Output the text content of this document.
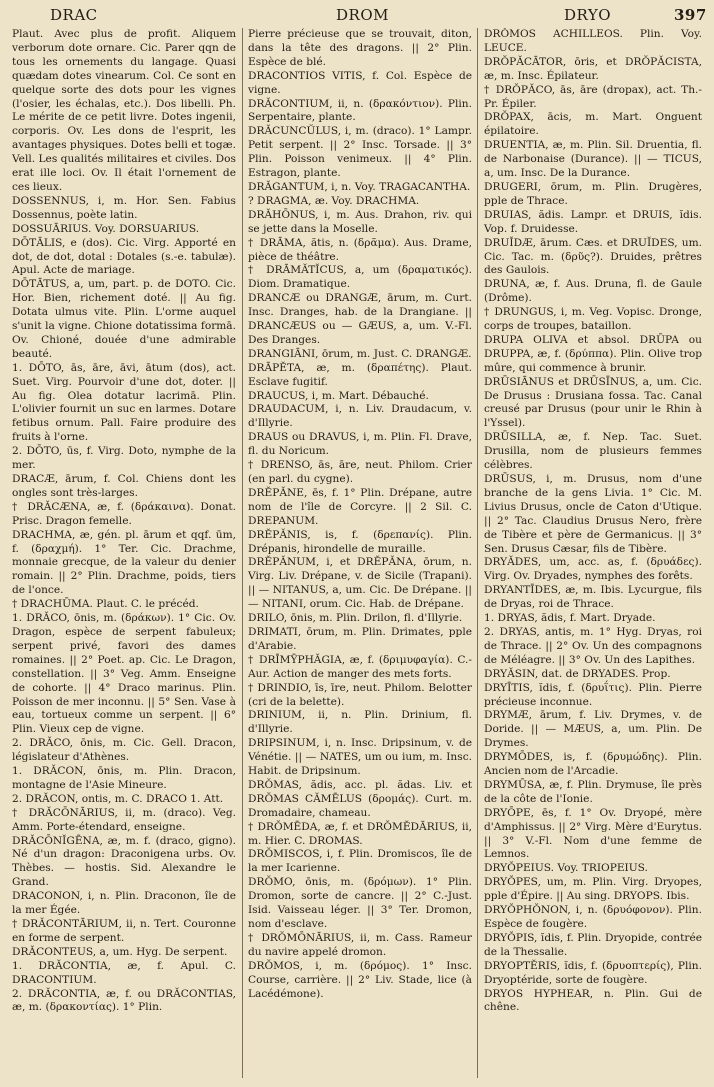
DRAC	DROM	DRYO	397

Plaut. Avec plus de profit. Aliquem verborum dote ornare. Cic. Parer qqn de tous les ornements du langage. Quasi quædam dotes vinearum. Col. Ce sont en quelque sorte des dots pour les vignes (l'osier, les échalas, etc.). Dos libelli. Ph. Le mérite de ce petit livre. Dotes ingenii, corporis. Ov. Les dons de l'esprit, les avantages physiques. Dotes belli et togæ. Vell. Les qualités militaires et civiles. Dos erat ille loci. Ov. Il était l'ornement de ces lieux.

DOSSENNUS, i, m. Hor. Sen. Fabius Dossennus, poète latin.

DOSSUĀRIUS. Voy. DORSUARIUS.

DŌTĀLIS, e (dos). Cic. Virg. Apporté en dot, de dot, dotal : Dotales (s.-e. tabulæ). Apul. Acte de mariage.

DŌTĀTUS, a, um, part. p. de DOTO. Cic. Hor. Bien, richement doté. || Au fig. Dotata ulmus vite. Plin. L'orme auquel s'unit la vigne. Chione dotatissima formā. Ov. Chioné, douée d'une admirable beauté.

1. DŌTO, ās, āre, āvi, ātum (dos), act. Suet. Virg. Pourvoir d'une dot, doter. || Au fig. Olea dotatur lacrimā. Plin. L'olivier fournit un suc en larmes. Dotare fetibus ornum. Pall. Faire produire des fruits à l'orne.

2. DŌTO, ūs, f. Virg. Doto, nymphe de la mer.

DRACÆ, ārum, f. Col. Chiens dont les ongles sont très-larges.

† DRĂCÆNA, æ, f. (δράκαινα). Donat. Prisc. Dragon femelle.

DRACHMA, æ, gén. pl. ārum et qqf. ūm, f. (δραχμή). 1° Ter. Cic. Drachme, monnaie grecque, de la valeur du denier romain. || 2° Plin. Drachme, poids, tiers de l'once.

† DRACHŪMA. Plaut. C. le précéd.

1. DRĂCO, ōnis, m. (δράκων). 1° Cic. Ov. Dragon, espèce de serpent fabuleux; serpent privé, favori des dames romaines. || 2° Poet. ap. Cic. Le Dragon, constellation. || 3° Veg. Amm. Enseigne de cohorte. || 4° Draco marinus. Plin. Poisson de mer inconnu. || 5° Sen. Vase à eau, tortueux comme un serpent. || 6° Plin. Vieux cep de vigne.

2. DRĂCO, ōnis, m. Cic. Gell. Dracon, législateur d'Athènes.

1. DRĂCON, ōnis, m. Plin. Dracon, montagne de l'Asie Mineure.

2. DRĂCON, ontis, m. C. DRACO 1. Att.

† DRĂCŌNĀRIUS, ii, m. (draco). Veg. Amm. Porte-étendard, enseigne.

DRĂCŌNĬGĒNA, æ, m. f. (draco, gigno). Né d'un dragon: Draconigena urbs. Ov. Thèbes. — hostis. Sid. Alexandre le Grand.

DRACONON, i, n. Plin. Draconon, île de la mer Égée.

† DRĂCONTĀRIUM, ii, n. Tert. Couronne en forme de serpent.

DRĂCONTEUS, a, um. Hyg. De serpent.

1. DRĂCONTIA, æ, f. Apul. C. DRACONTIUM.

2. DRĂCONTIA, æ, f. ou DRĂCONTIAS, æ, m. (δρακοντίας). 1° Plin.

Pierre précieuse que se trouvait, diton, dans la tête des dragons. || 2° Plin. Espèce de blé.

DRACONTIOS VITIS, f. Col. Espèce de vigne.

DRĂCONTIUM, ii, n. (δρακόντιον). Plin. Serpentaire, plante.

DRĂCUNCŬLUS, i, m. (draco). 1° Lampr. Petit serpent. || 2° Insc. Torsade. || 3° Plin. Poisson venimeux. || 4° Plin. Estragon, plante.

DRĂGANTUM, i, n. Voy. TRAGACANTHA.

? DRAGMA, æ. Voy. DRACHMA.

DRĂHŌNUS, i, m. Aus. Drahon, riv. qui se jette dans la Moselle.

† DRĀMA, ătis, n. (δρᾶμα). Aus. Drame, pièce de théâtre.

† DRĀMĂTĬCUS, a, um (δραματικός). Diom. Dramatique.

DRANCÆ ou DRANGÆ, ārum, m. Curt. Insc. Dranges, hab. de la Drangiane. || DRANCÆUS ou — GÆUS, a, um. V.-Fl. Des Dranges.

DRANGIĀNI, ōrum, m. Just. C. DRANGÆ.

DRĀPĔTA, æ, m. (δραπέτης). Plaut. Esclave fugitif.

DRAUCUS, i, m. Mart. Débauché.

DRAUDACUM, i, n. Liv. Draudacum, v. d'Illyrie.

DRAUS ou DRAVUS, i, m. Plin. Fl. Drave, fl. du Noricum.

† DRENSO, ās, āre, neut. Philom. Crier (en parl. du cygne).

DRĔPĂNE, ēs, f. 1° Plin. Drépane, autre nom de l'île de Corcyre. || 2 Sil. C. DREPANUM.

DRĔPĂNIS, is, f. (δρεπανίς). Plin. Drépanis, hirondelle de muraille.

DRĔPĂNUM, i, et DRĔPĂNA, ōrum, n. Virg. Liv. Drépane, v. de Sicile (Trapani). || — NITANUS, a, um. Cic. De Drépane. || — NITANI, orum. Cic. Hab. de Drépane.

DRILO, ōnis, m. Plin. Drilon, fl. d'Illyrie.

DRIMATI, ōrum, m. Plin. Drimates, pple d'Arabie.

† DRĪMȲPHĂGIA, æ, f. (δριμυφαγία). C.-Aur. Action de manger des mets forts.

† DRINDIO, īs, īre, neut. Philom. Belotter (cri de la belette).

DRINIUM, ii, n. Plin. Drinium, fl. d'Illyrie.

DRIPSINUM, i, n. Insc. Dripsinum, v. de Vénétie. || — NATES, um ou ium, m. Insc. Habit. de Dripsinum.

DRŎMAS, ădis, acc. pl. ădas. Liv. et DRŎMAS CĂMĒLUS (δρομάς). Curt. m. Dromadaire, chameau.

† DRŎMĒDA, æ, f. et DRŎMĔDĀRIUS, ii, m. Hier. C. DROMAS.

DRŎMISCOS, i, f. Plin. Dromiscos, île de la mer Icarienne.

DRŎMO, ōnis, m. (δρόμων). 1° Plin. Dromon, sorte de cancre. || 2° C.-Just. Isid. Vaisseau léger. || 3° Ter. Dromon, nom d'esclave.

† DRŎMŌNĀRIUS, ii, m. Cass. Rameur du navire appelé dromon.

DRŎMOS, i, m. (δρόμος). 1° Insc. Course, carrière. || 2° Liv. Stade, lice (à Lacédémone).

DRŎMOS ACHILLEOS. Plin. Voy. LEUCE.

DRŎPĂCĀTOR, ōris, et DRŎPĂCISTA, æ, m. Insc. Épilateur.

† DRŎPĂCO, ās, āre (dropax), act. Th.-Pr. Épiler.

DRŎPAX, ācis, m. Mart. Onguent épilatoire.

DRUENTIA, æ, m. Plin. Sil. Druentia, fl. de Narbonaise (Durance). || — TICUS, a, um. Insc. De la Durance.

DRUGERI, ōrum, m. Plin. Drugères, pple de Thrace.

DRUIAS, ădis. Lampr. et DRUIS, ĭdis. Vop. f. Druidesse.

DRUĬDÆ, ārum. Cæs. et DRUĬDES, um. Cic. Tac. m. (δρῦς?). Druides, prêtres des Gaulois.

DRUNA, æ, f. Aus. Druna, fl. de Gaule (Drôme).

† DRUNGUS, i, m. Veg. Vopisc. Dronge, corps de troupes, bataillon.

DRUPA OLIVA et absol. DRŪPA ou DRUPPA, æ, f. (δρύππα). Plin. Olive trop mûre, qui commence à brunir.

DRŪSIĀNUS et DRŪSĪNUS, a, um. Cic. De Drusus : Drusiana fossa. Tac. Canal creusé par Drusus (pour unir le Rhin à l'Yssel).

DRŪSILLA, æ, f. Nep. Tac. Suet. Drusilla, nom de plusieurs femmes célèbres.

DRŪSUS, i, m. Drusus, nom d'une branche de la gens Livia. 1° Cic. M. Livius Drusus, oncle de Caton d'Utique. || 2° Tac. Claudius Drusus Nero, frère de Tibère et père de Germanicus. || 3° Sen. Drusus Cæsar, fils de Tibère.

DRYĂDES, um, acc. as, f. (δρυάδες). Virg. Ov. Dryades, nymphes des forêts.

DRYANTĪDES, æ, m. Ibis. Lycurgue, fils de Dryas, roi de Thrace.

1. DRYAS, ădis, f. Mart. Dryade.

2. DRYAS, antis, m. 1° Hyg. Dryas, roi de Thrace. || 2° Ov. Un des compagnons de Méléagre. || 3° Ov. Un des Lapithes.

DRYĂSIN, dat. de DRYADES. Prop.

DRYĪTIS, ĭdis, f. (δρυΐτις). Plin. Pierre précieuse inconnue.

DRYMÆ, ārum, f. Liv. Drymes, v. de Doride. || — MÆUS, a, um. Plin. De Drymes.

DRYMŌDES, is, f. (δρυμώδης). Plin. Ancien nom de l'Arcadie.

DRYMŪSA, æ, f. Plin. Drymuse, île près de la côte de l'Ionie.

DRYŌPE, ēs, f. 1° Ov. Dryopé, mère d'Amphissus. || 2° Virg. Mère d'Eurytus. || 3° V.-Fl. Nom d'une femme de Lemnos.

DRYŎPEIUS. Voy. TRIOPEIUS.

DRYŎPES, um, m. Plin. Virg. Dryopes, pple d'Épire. || Au sing. DRYOPS. Ibis.

DRYŎPHŎNON, i, n. (δρυόφονον). Plin. Espèce de fougère.

DRYŎPIS, ĭdis, f. Plin. Dryopide, contrée de la Thessalie.

DRYOPTĔRIS, ĭdis, f. (δρυοπτερίς), Plin. Dryoptéride, sorte de fougère.

DRYOS HYPHEAR, n. Plin. Gui de chêne.
